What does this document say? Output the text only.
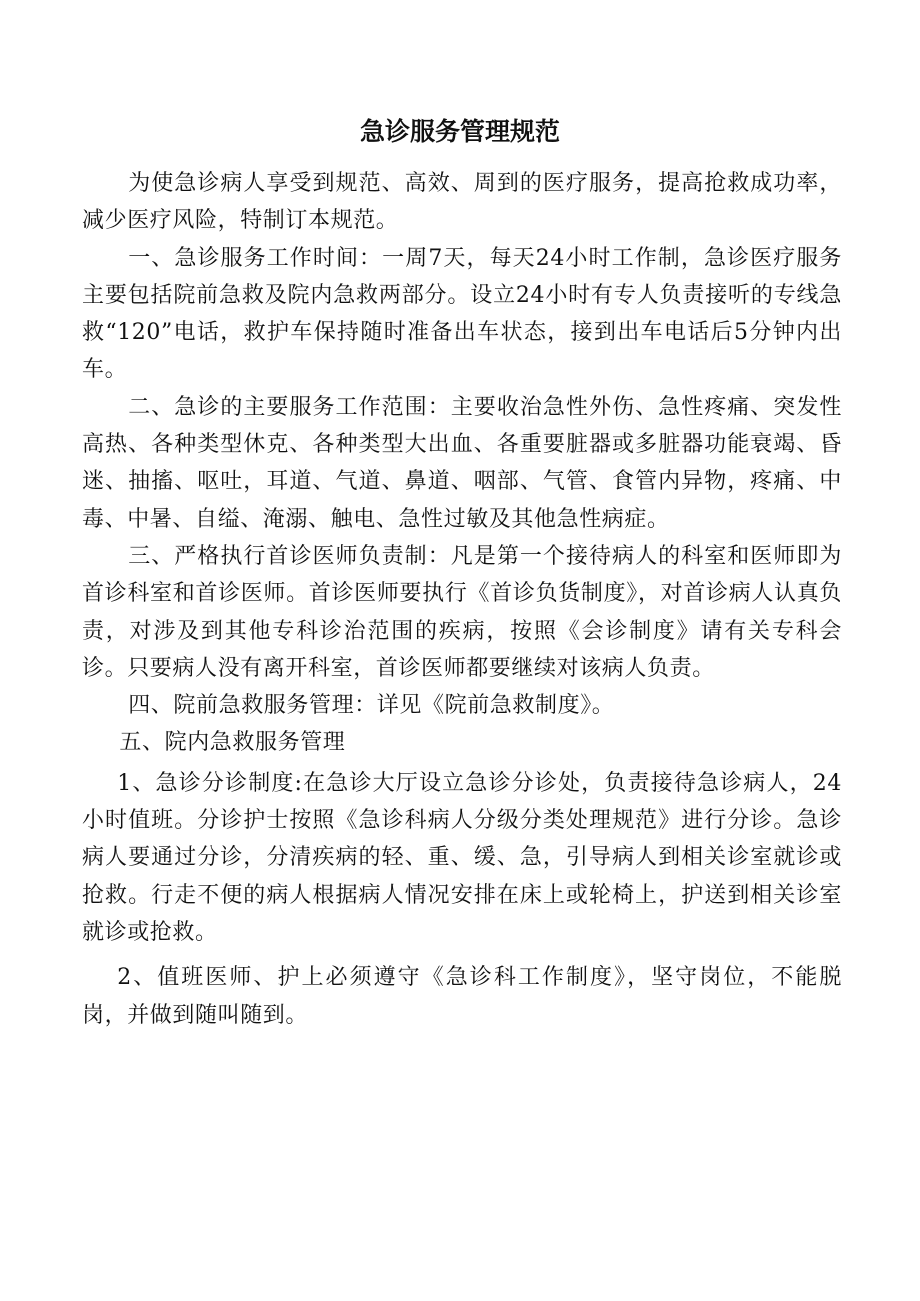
急诊服务管理规范

为使急诊病人享受到规范、高效、周到的医疗服务，提高抢救成功率，减少医疗风险，特制订本规范。

一、急诊服务工作时间：一周7天，每天24小时工作制，急诊医疗服务主要包括院前急救及院内急救两部分。设立24小时有专人负责接听的专线急救“120”电话，救护车保持随时准备出车状态，接到出车电话后5分钟内出车。

二、急诊的主要服务工作范围：主要收治急性外伤、急性疼痛、突发性高热、各种类型休克、各种类型大出血、各重要脏器或多脏器功能衰竭、昏迷、抽搐、呕吐，耳道、气道、鼻道、咽部、气管、食管内异物，疼痛、中毒、中暑、自缢、淹溺、触电、急性过敏及其他急性病症。

三、严格执行首诊医师负责制：凡是第一个接待病人的科室和医师即为首诊科室和首诊医师。首诊医师要执行《首诊负货制度》，对首诊病人认真负责，对涉及到其他专科诊治范围的疾病，按照《会诊制度》请有关专科会诊。只要病人没有离开科室，首诊医师都要继续对该病人负责。

四、院前急救服务管理：详见《院前急救制度》。

五、院内急救服务管理

1、急诊分诊制度:在急诊大厅设立急诊分诊处，负责接待急诊病人，24小时值班。分诊护士按照《急诊科病人分级分类处理规范》进行分诊。急诊病人要通过分诊，分清疾病的轻、重、缓、急，引导病人到相关诊室就诊或抢救。行走不便的病人根据病人情况安排在床上或轮椅上，护送到相关诊室就诊或抢救。

2、值班医师、护上必须遵守《急诊科工作制度》，坚守岗位，不能脱岗，并做到随叫随到。
